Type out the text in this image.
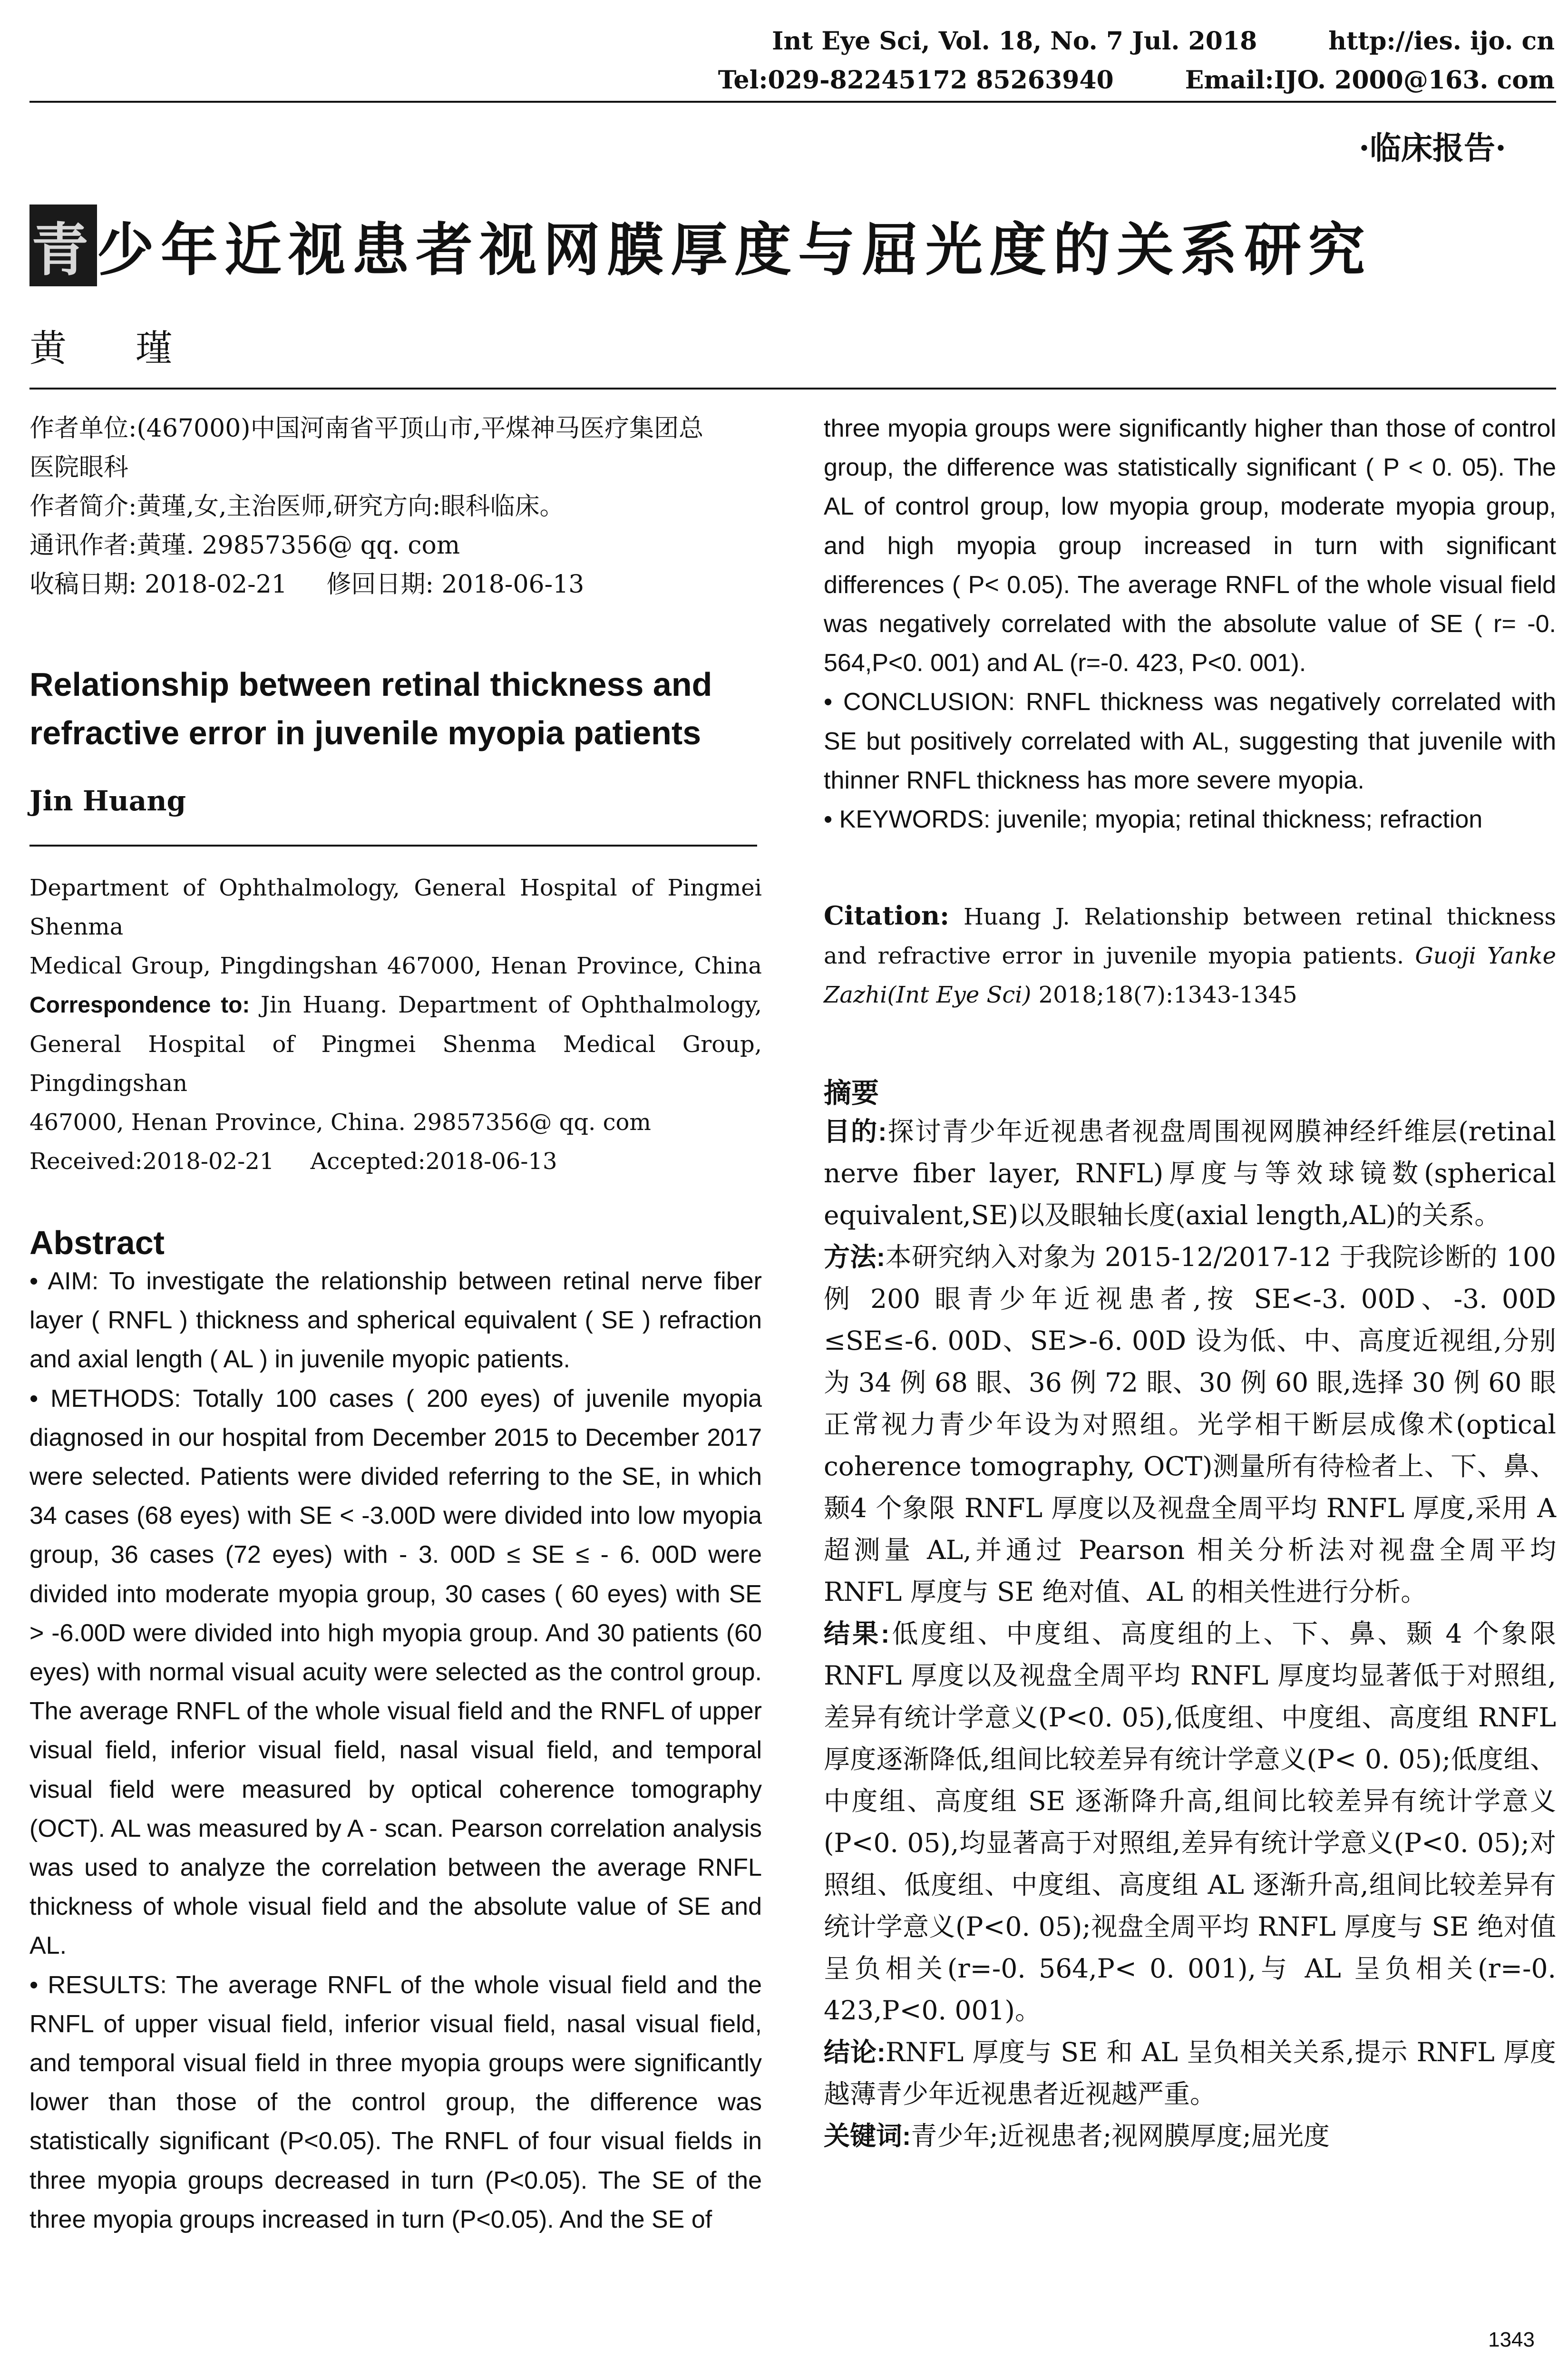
Int Eye Sci, Vol. 18, No. 7 Jul. 2018	http://ies. ijo. cn
Tel:029-82245172 85263940	Email:IJO. 2000@163. com
·临床报告·
青少年近视患者视网膜厚度与屈光度的关系研究
黄 瑾

作者单位:(467000)中国河南省平顶山市,平煤神马医疗集团总

医院眼科

作者简介:黄瑾,女,主治医师,研究方向:眼科临床。

通讯作者:黄瑾. 29857356@ qq. com

收稿日期: 2018-02-21     修回日期: 2018-06-13

Relationship between retinal thickness and refractive error in juvenile myopia patients

Jin Huang

Department of Ophthalmology, General Hospital of Pingmei Shenma

Medical Group, Pingdingshan 467000, Henan Province, China

Correspondence to: Jin Huang. Department of Ophthalmology,

General Hospital of Pingmei Shenma Medical Group, Pingdingshan

467000, Henan Province, China. 29857356@ qq. com

Received:2018-02-21     Accepted:2018-06-13

Abstract

• AIM: To investigate the relationship between retinal nerve fiber layer ( RNFL ) thickness and spherical equivalent ( SE ) refraction and axial length ( AL ) in juvenile myopic patients.

• METHODS: Totally 100 cases ( 200 eyes) of juvenile myopia diagnosed in our hospital from December 2015 to December 2017 were selected. Patients were divided referring to the SE, in which 34 cases (68 eyes) with SE < -3.00D were divided into low myopia group, 36 cases (72 eyes) with - 3. 00D ≤ SE ≤ - 6. 00D were divided into moderate myopia group, 30 cases ( 60 eyes) with SE > -6.00D were divided into high myopia group. And 30 patients (60 eyes) with normal visual acuity were selected as the control group. The average RNFL of the whole visual field and the RNFL of upper visual field, inferior visual field, nasal visual field, and temporal visual field were measured by optical coherence tomography (OCT). AL was measured by A - scan. Pearson correlation analysis was used to analyze the correlation between the average RNFL thickness of whole visual field and the absolute value of SE and AL.

• RESULTS: The average RNFL of the whole visual field and the RNFL of upper visual field, inferior visual field, nasal visual field, and temporal visual field in three myopia groups were significantly lower than those of the control group, the difference was statistically significant (P<0.05). The RNFL of four visual fields in three myopia groups decreased in turn (P<0.05). The SE of the three myopia groups increased in turn (P<0.05). And the SE of

three myopia groups were significantly higher than those of control group, the difference was statistically significant ( P < 0. 05). The AL of control group, low myopia group, moderate myopia group, and high myopia group increased in turn with significant differences ( P< 0.05). The average RNFL of the whole visual field was negatively correlated with the absolute value of SE ( r= -0. 564,P<0. 001) and AL (r=-0. 423, P<0. 001).

• CONCLUSION: RNFL thickness was negatively correlated with SE but positively correlated with AL, suggesting that juvenile with thinner RNFL thickness has more severe myopia.

• KEYWORDS: juvenile; myopia; retinal thickness; refraction

Citation: Huang J. Relationship between retinal thickness and refractive error in juvenile myopia patients. Guoji Yanke Zazhi(Int Eye Sci) 2018;18(7):1343-1345

摘要

目的:探讨青少年近视患者视盘周围视网膜神经纤维层(retinal nerve fiber layer, RNFL)厚度与等效球镜数(spherical equivalent,SE)以及眼轴长度(axial length,AL)的关系。

方法:本研究纳入对象为 2015-12/2017-12 于我院诊断的 100 例 200 眼青少年近视患者,按 SE<-3. 00D、-3. 00D ≤SE≤-6. 00D、SE>-6. 00D 设为低、中、高度近视组,分别为 34 例 68 眼、36 例 72 眼、30 例 60 眼,选择 30 例 60 眼正常视力青少年设为对照组。光学相干断层成像术(optical coherence tomography, OCT)测量所有待检者上、下、鼻、颞4 个象限 RNFL 厚度以及视盘全周平均 RNFL 厚度,采用 A 超测量 AL,并通过 Pearson 相关分析法对视盘全周平均 RNFL 厚度与 SE 绝对值、AL 的相关性进行分析。

结果:低度组、中度组、高度组的上、下、鼻、颞 4 个象限 RNFL 厚度以及视盘全周平均 RNFL 厚度均显著低于对照组,差异有统计学意义(P<0. 05),低度组、中度组、高度组 RNFL 厚度逐渐降低,组间比较差异有统计学意义(P< 0. 05);低度组、中度组、高度组 SE 逐渐降升高,组间比较差异有统计学意义(P<0. 05),均显著高于对照组,差异有统计学意义(P<0. 05);对照组、低度组、中度组、高度组 AL 逐渐升高,组间比较差异有统计学意义(P<0. 05);视盘全周平均 RNFL 厚度与 SE 绝对值呈负相关(r=-0. 564,P< 0. 001),与 AL 呈负相关(r=-0. 423,P<0. 001)。

结论:RNFL 厚度与 SE 和 AL 呈负相关关系,提示 RNFL 厚度越薄青少年近视患者近视越严重。

关键词:青少年;近视患者;视网膜厚度;屈光度

1343
